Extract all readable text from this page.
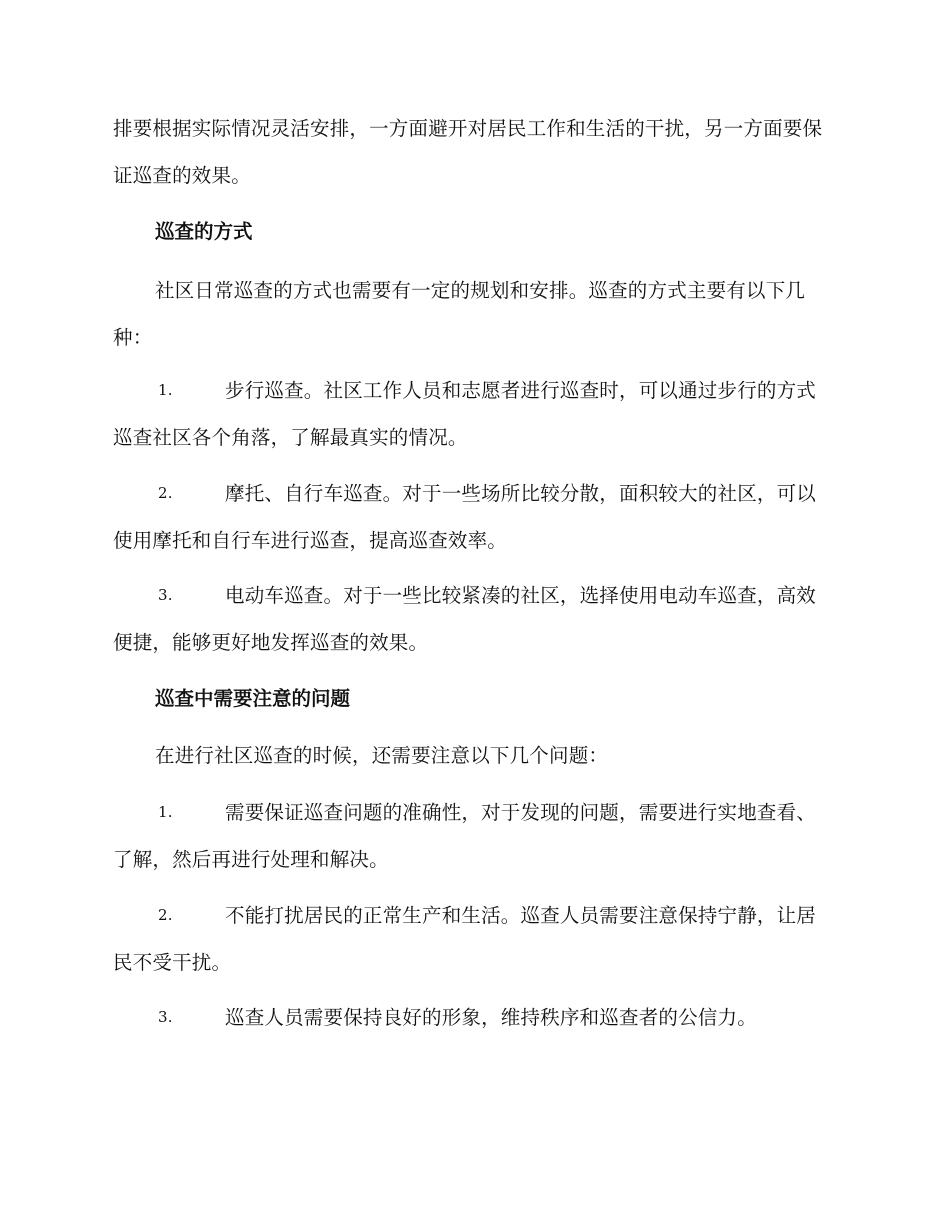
排要根据实际情况灵活安排，一方面避开对居民工作和生活的干扰，另一方面要保证巡查的效果。

巡查的方式

社区日常巡查的方式也需要有一定的规划和安排。巡查的方式主要有以下几种：

1.	步行巡查。社区工作人员和志愿者进行巡查时，可以通过步行的方式巡查社区各个角落，了解最真实的情况。

2.	摩托、自行车巡查。对于一些场所比较分散，面积较大的社区，可以使用摩托和自行车进行巡查，提高巡查效率。

3.	电动车巡查。对于一些比较紧凑的社区，选择使用电动车巡查，高效便捷，能够更好地发挥巡查的效果。

巡查中需要注意的问题

在进行社区巡查的时候，还需要注意以下几个问题：

1.	需要保证巡查问题的准确性，对于发现的问题，需要进行实地查看、了解，然后再进行处理和解决。

2.	不能打扰居民的正常生产和生活。巡查人员需要注意保持宁静，让居民不受干扰。

3.	巡查人员需要保持良好的形象，维持秩序和巡查者的公信力。
